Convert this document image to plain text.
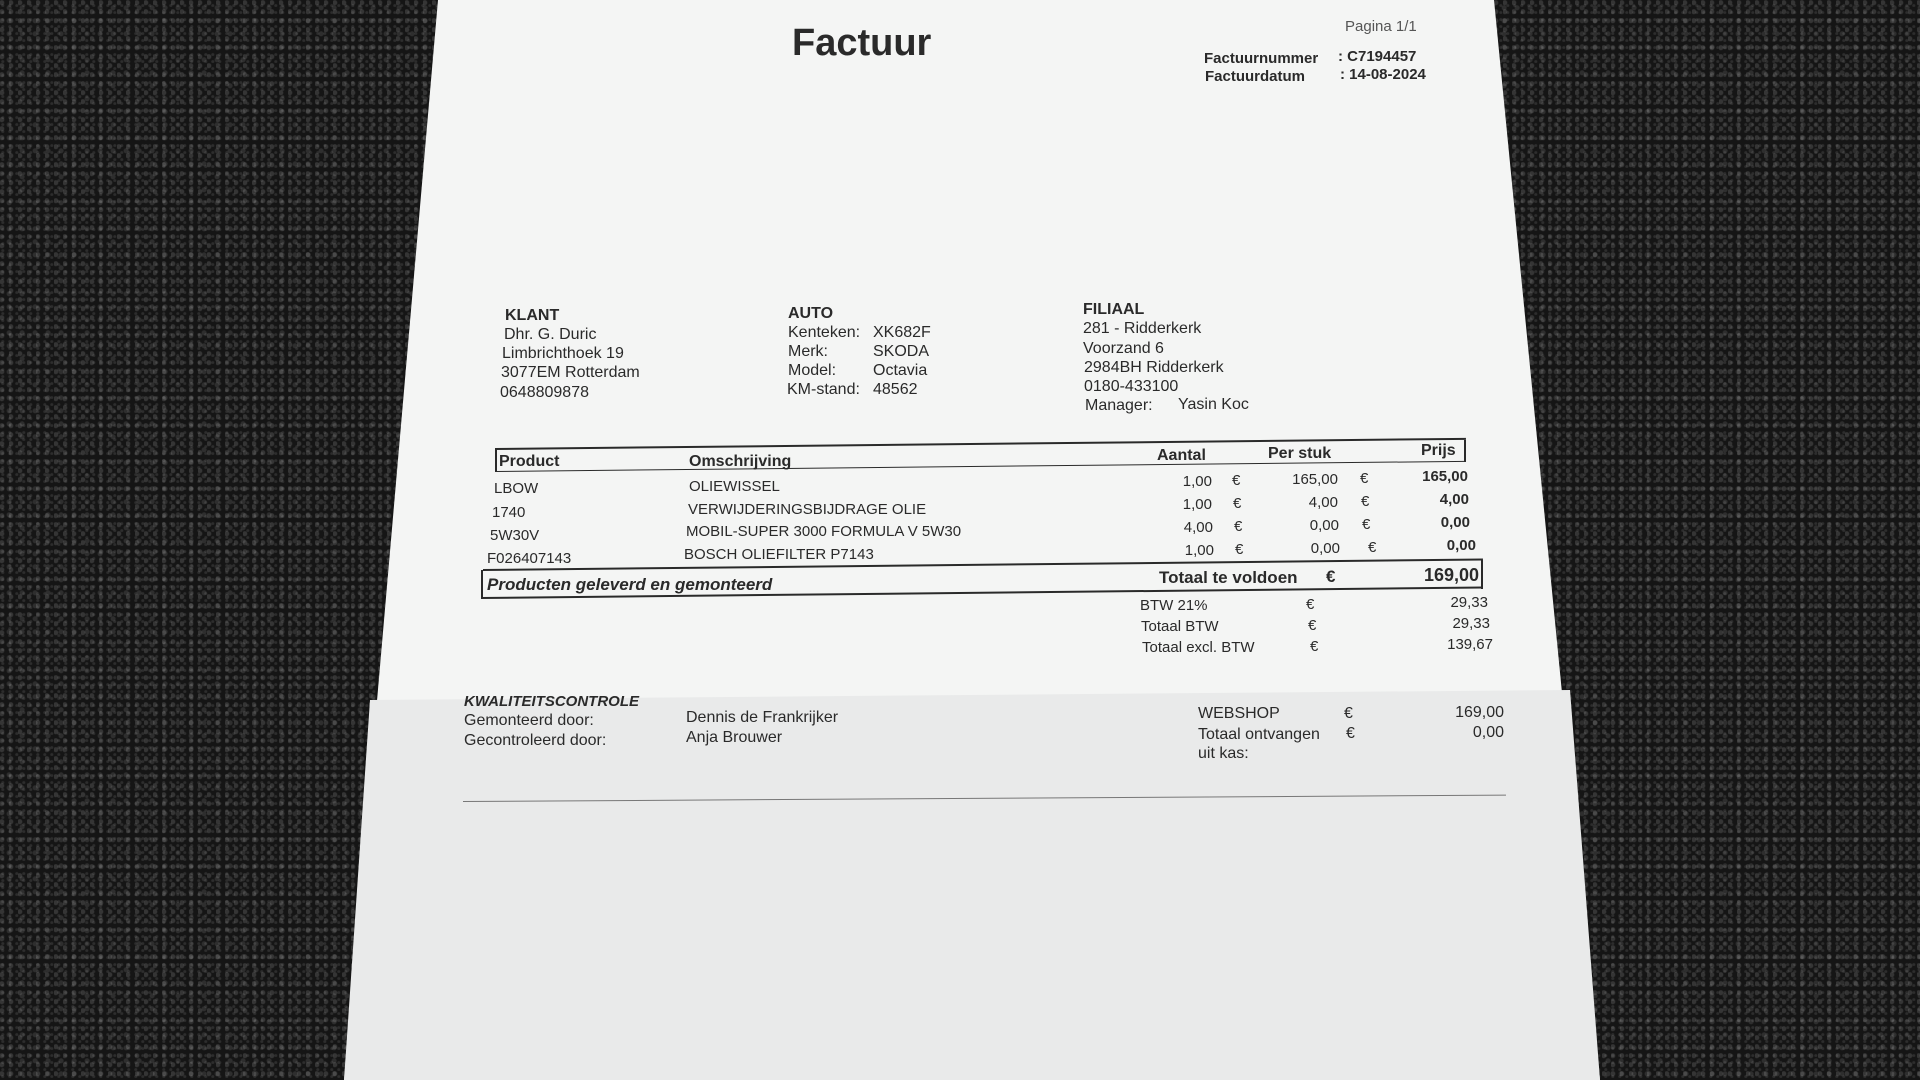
Pagina 1/1
Factuur	Factuurnummer : C7194457
Factuurdatum : 14-08-2024
KLANT
Dhr. G. Duric
Limbrichthoek 19
3077EM Rotterdam
0648809878
AUTO
Kenteken: XK682F
Merk:	SKODA
Model: Octavia
KM-stand: 48562
FILIAAL
281 - Ridderkerk
Voorzand 6
2984BH Ridderkerk
0180-433100
Manager: Yasin Koc
Product	Omschrijving	Aantal	Per stuk	Prijs
LBOW	OLIEWISSEL	1,00 €	165,00 €	165,00
1740	VERWIJDERINGSBIJDRAGE OLIE	1,00 €	4,00 €	4,00
5W30V	MOBIL-SUPER 3000 FORMULA V 5W30	4,00 €	0,00 €	0,00
F026407143	BOSCH OLIEFILTER P7143	1,00 €	0,00 €	0,00
Producten geleverd en gemonteerd	Totaal te voldoen €	169,00
BTW 21%	€	29,33
Totaal BTW	€	29,33
Totaal excl. BTW	€	139,67
KWALITEITSCONTROLE
Gemonteerd door:	Dennis de Frankrijker
Gecontroleerd door:	Anja Brouwer
WEBSHOP	€	169,00
Totaal ontvangen €	0,00
uit kas:
